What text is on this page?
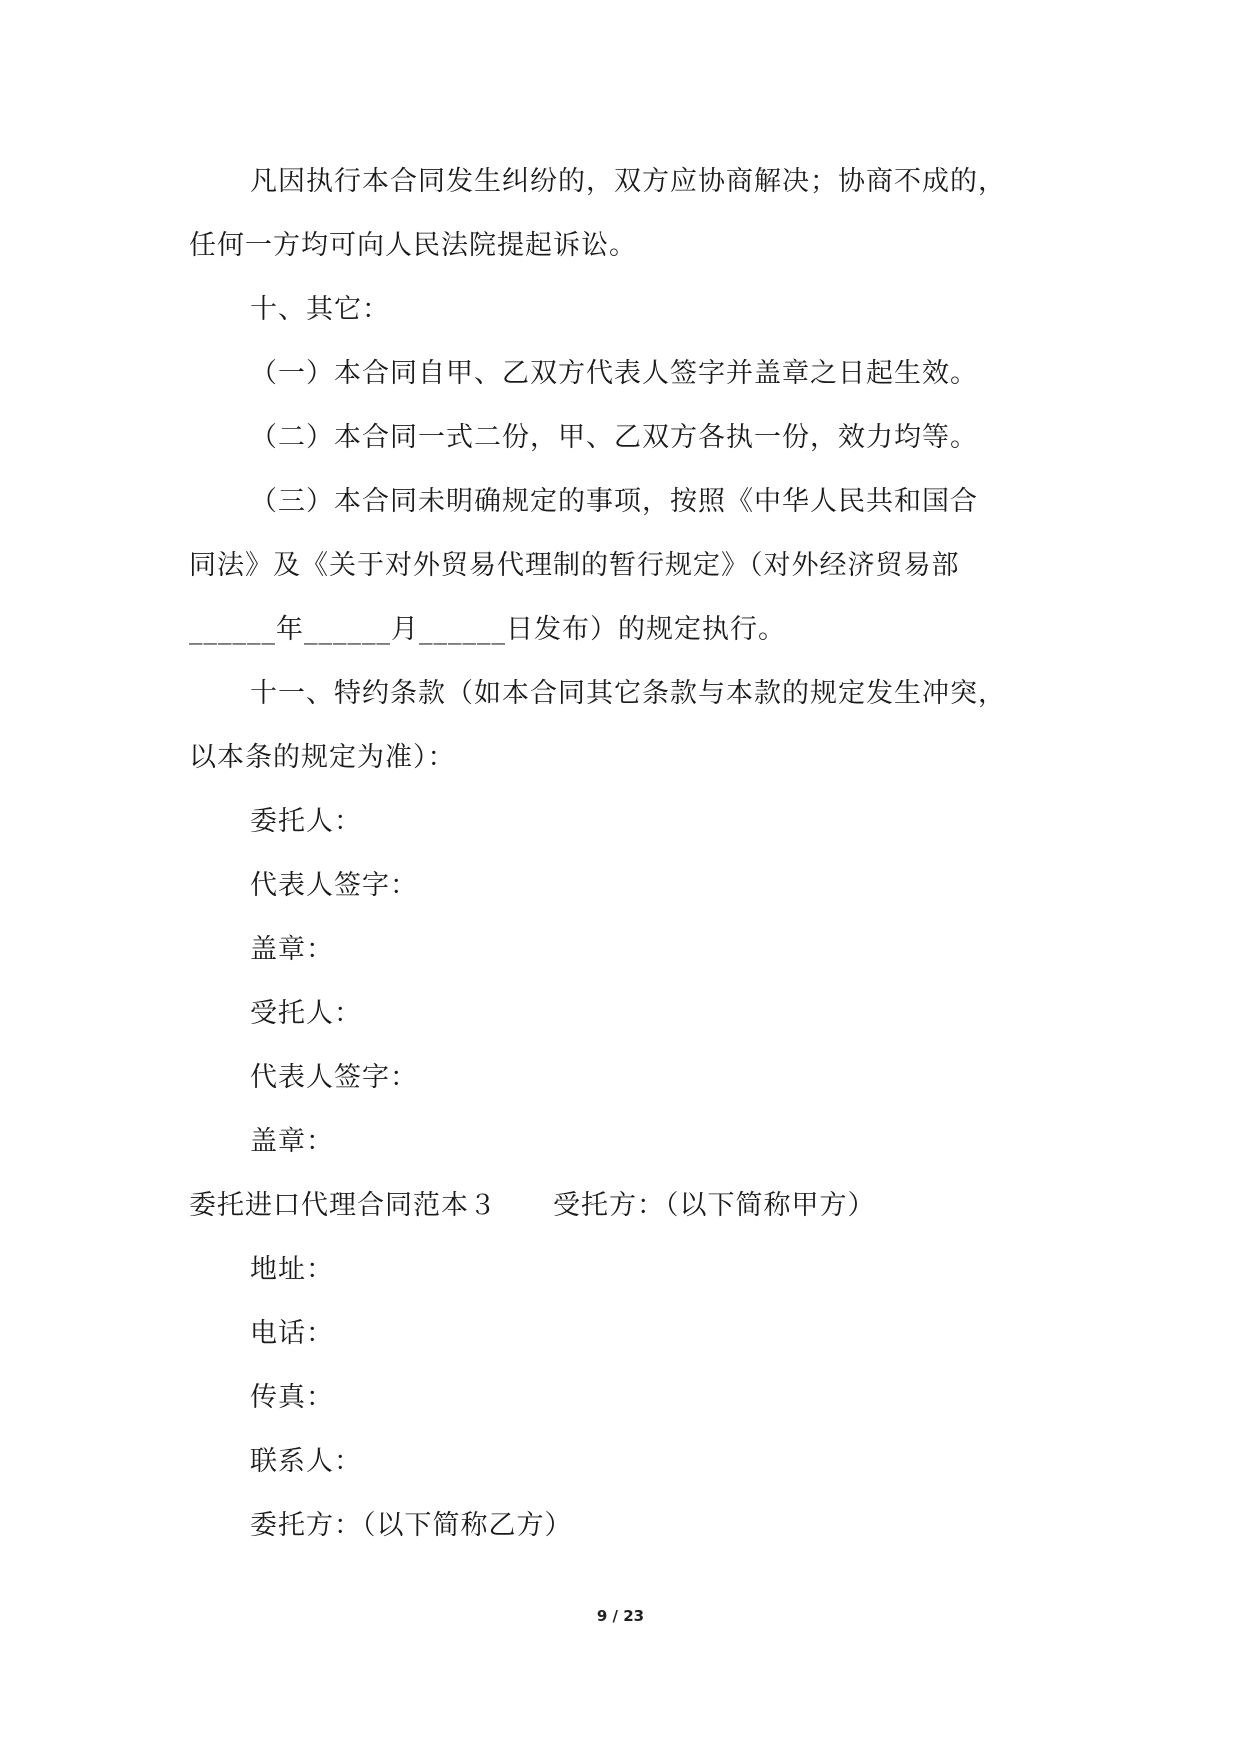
凡因执行本合同发生纠纷的，双方应协商解决；协商不成的，
任何一方均可向人民法院提起诉讼。
十、其它：
（一）本合同自甲、乙双方代表人签字并盖章之日起生效。
（二）本合同一式二份，甲、乙双方各执一份，效力均等。
（三）本合同未明确规定的事项，按照《中华人民共和国合
同法》及《关于对外贸易代理制的暂行规定》（对外经济贸易部
______年______月______日发布）的规定执行。
十一、特约条款（如本合同其它条款与本款的规定发生冲突，
以本条的规定为准）：
委托人：
代表人签字：
盖章：
受托人：
代表人签字：
盖章：
委托进口代理合同范本３　　受托方：（以下简称甲方）
地址：
电话：
传真：
联系人：
委托方：（以下简称乙方）
9 / 23
